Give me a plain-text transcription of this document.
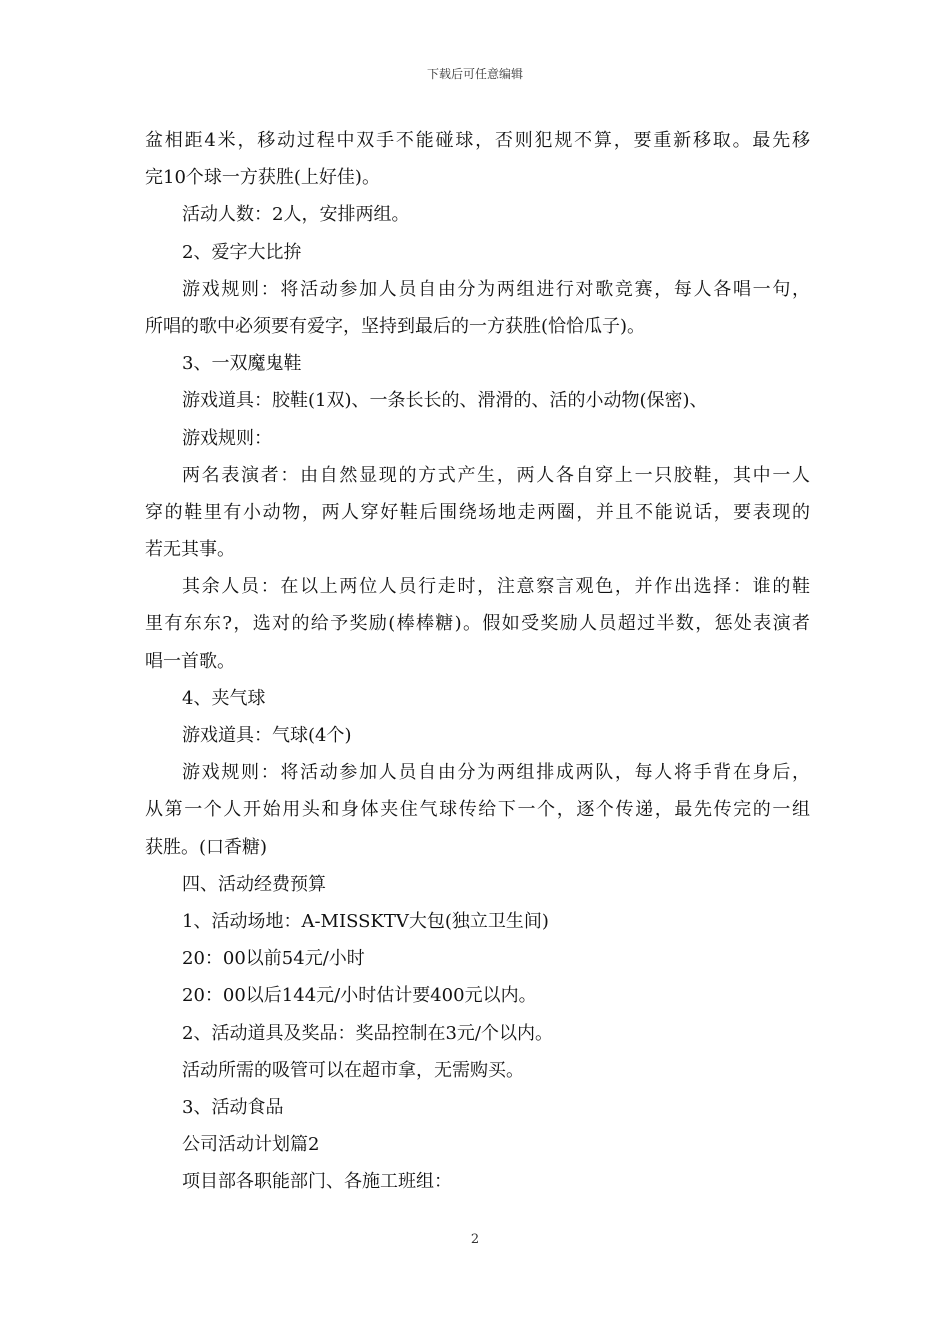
下载后可任意编辑
盆相距4米，移动过程中双手不能碰球，否则犯规不算，要重新移取。最先移
完10个球一方获胜(上好佳)。
活动人数：2人，安排两组。
2、爱字大比拚
游戏规则：将活动参加人员自由分为两组进行对歌竞赛，每人各唱一句，
所唱的歌中必须要有爱字，坚持到最后的一方获胜(恰恰瓜子)。
3、一双魔鬼鞋
游戏道具：胶鞋(1双)、一条长长的、滑滑的、活的小动物(保密)、
游戏规则：
两名表演者：由自然显现的方式产生，两人各自穿上一只胶鞋，其中一人
穿的鞋里有小动物，两人穿好鞋后围绕场地走两圈，并且不能说话，要表现的
若无其事。
其余人员：在以上两位人员行走时，注意察言观色，并作出选择：谁的鞋
里有东东?，选对的给予奖励(棒棒糖)。假如受奖励人员超过半数，惩处表演者
唱一首歌。
4、夹气球
游戏道具：气球(4个)
游戏规则：将活动参加人员自由分为两组排成两队，每人将手背在身后，
从第一个人开始用头和身体夹住气球传给下一个，逐个传递，最先传完的一组
获胜。(口香糖)
四、活动经费预算
1、活动场地：A-MISSKTV大包(独立卫生间)
20：00以前54元/小时
20：00以后144元/小时估计要400元以内。
2、活动道具及奖品：奖品控制在3元/个以内。
活动所需的吸管可以在超市拿，无需购买。
3、活动食品
公司活动计划篇2
项目部各职能部门、各施工班组：
2
